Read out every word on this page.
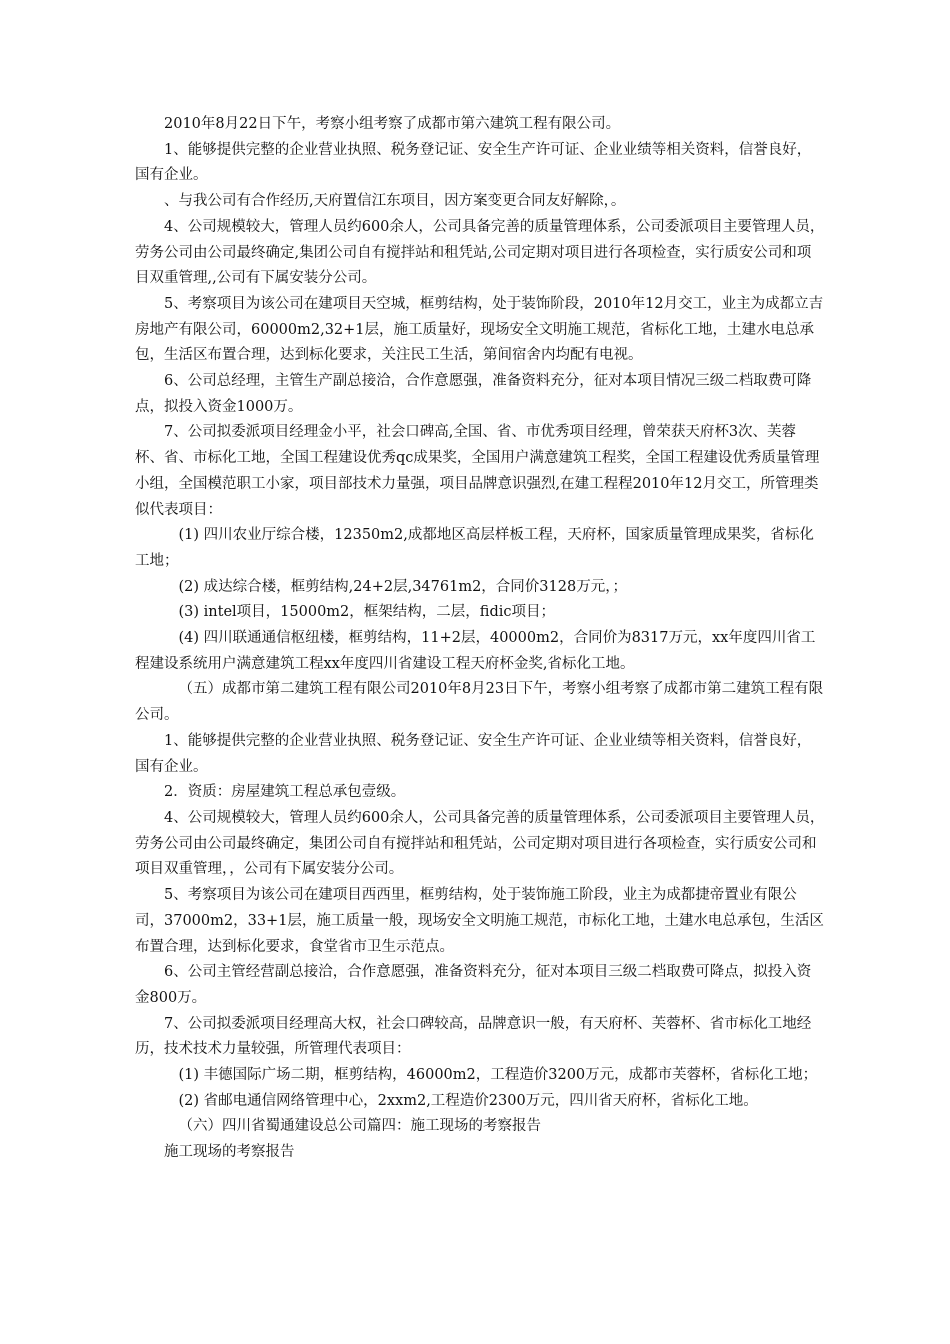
2010年8月22日下午，考察小组考察了成都市第六建筑工程有限公司。

1、能够提供完整的企业营业执照、税务登记证、安全生产许可证、企业业绩等相关资料，信誉良好，国有企业。

、与我公司有合作经历,天府置信江东项目，因方案变更合同友好解除，。

4、公司规模较大，管理人员约600余人，公司具备完善的质量管理体系，公司委派项目主要管理人员，劳务公司由公司最终确定,集团公司自有搅拌站和租凭站,公司定期对项目进行各项检查，实行质安公司和项目双重管理,,公司有下属安装分公司。

5、考察项目为该公司在建项目天空城，框剪结构，处于装饰阶段，2010年12月交工，业主为成都立吉房地产有限公司，60000m2,32+1层，施工质量好，现场安全文明施工规范，省标化工地，土建水电总承包，生活区布置合理，达到标化要求，关注民工生活，第间宿舍内均配有电视。

6、公司总经理，主管生产副总接洽，合作意愿强，准备资料充分，征对本项目情况三级二档取费可降点，拟投入资金1000万。

7、公司拟委派项目经理金小平，社会口碑高,全国、省、市优秀项目经理，曾荣获天府杯3次、芙蓉杯、省、市标化工地，全国工程建设优秀qc成果奖，全国用户满意建筑工程奖，全国工程建设优秀质量管理小组，全国模范职工小家，项目部技术力量强，项目品牌意识强烈,在建工程程2010年12月交工，所管理类似代表项目：

(1) 四川农业厅综合楼，12350m2,成都地区高层样板工程，天府杯，国家质量管理成果奖，省标化工地；

(2) 成达综合楼，框剪结构,24+2层,34761m2，合同价3128万元，；

(3) intel项目，15000m2，框架结构，二层，fidic项目；

(4) 四川联通通信枢纽楼，框剪结构，11+2层，40000m2，合同价为8317万元，xx年度四川省工程建设系统用户满意建筑工程xx年度四川省建设工程天府杯金奖,省标化工地。

（五）成都市第二建筑工程有限公司2010年8月23日下午，考察小组考察了成都市第二建筑工程有限公司。

1、能够提供完整的企业营业执照、税务登记证、安全生产许可证、企业业绩等相关资料，信誉良好，国有企业。

2．资质：房屋建筑工程总承包壹级。

4、公司规模较大，管理人员约600余人，公司具备完善的质量管理体系，公司委派项目主要管理人员，劳务公司由公司最终确定，集团公司自有搅拌站和租凭站，公司定期对项目进行各项检查，实行质安公司和项目双重管理，，公司有下属安装分公司。

5、考察项目为该公司在建项目西西里，框剪结构，处于装饰施工阶段，业主为成都捷帝置业有限公司，37000m2，33+1层，施工质量一般，现场安全文明施工规范，市标化工地，土建水电总承包，生活区布置合理，达到标化要求，食堂省市卫生示范点。

6、公司主管经营副总接洽，合作意愿强，准备资料充分，征对本项目三级二档取费可降点，拟投入资金800万。

7、公司拟委派项目经理高大权，社会口碑较高，品牌意识一般，有天府杯、芙蓉杯、省市标化工地经历，技术技术力量较强，所管理代表项目：

(1) 丰德国际广场二期，框剪结构，46000m2，工程造价3200万元，成都市芙蓉杯，省标化工地；

(2) 省邮电通信网络管理中心，2xxm2,工程造价2300万元，四川省天府杯，省标化工地。

（六）四川省蜀通建设总公司篇四：施工现场的考察报告

施工现场的考察报告
